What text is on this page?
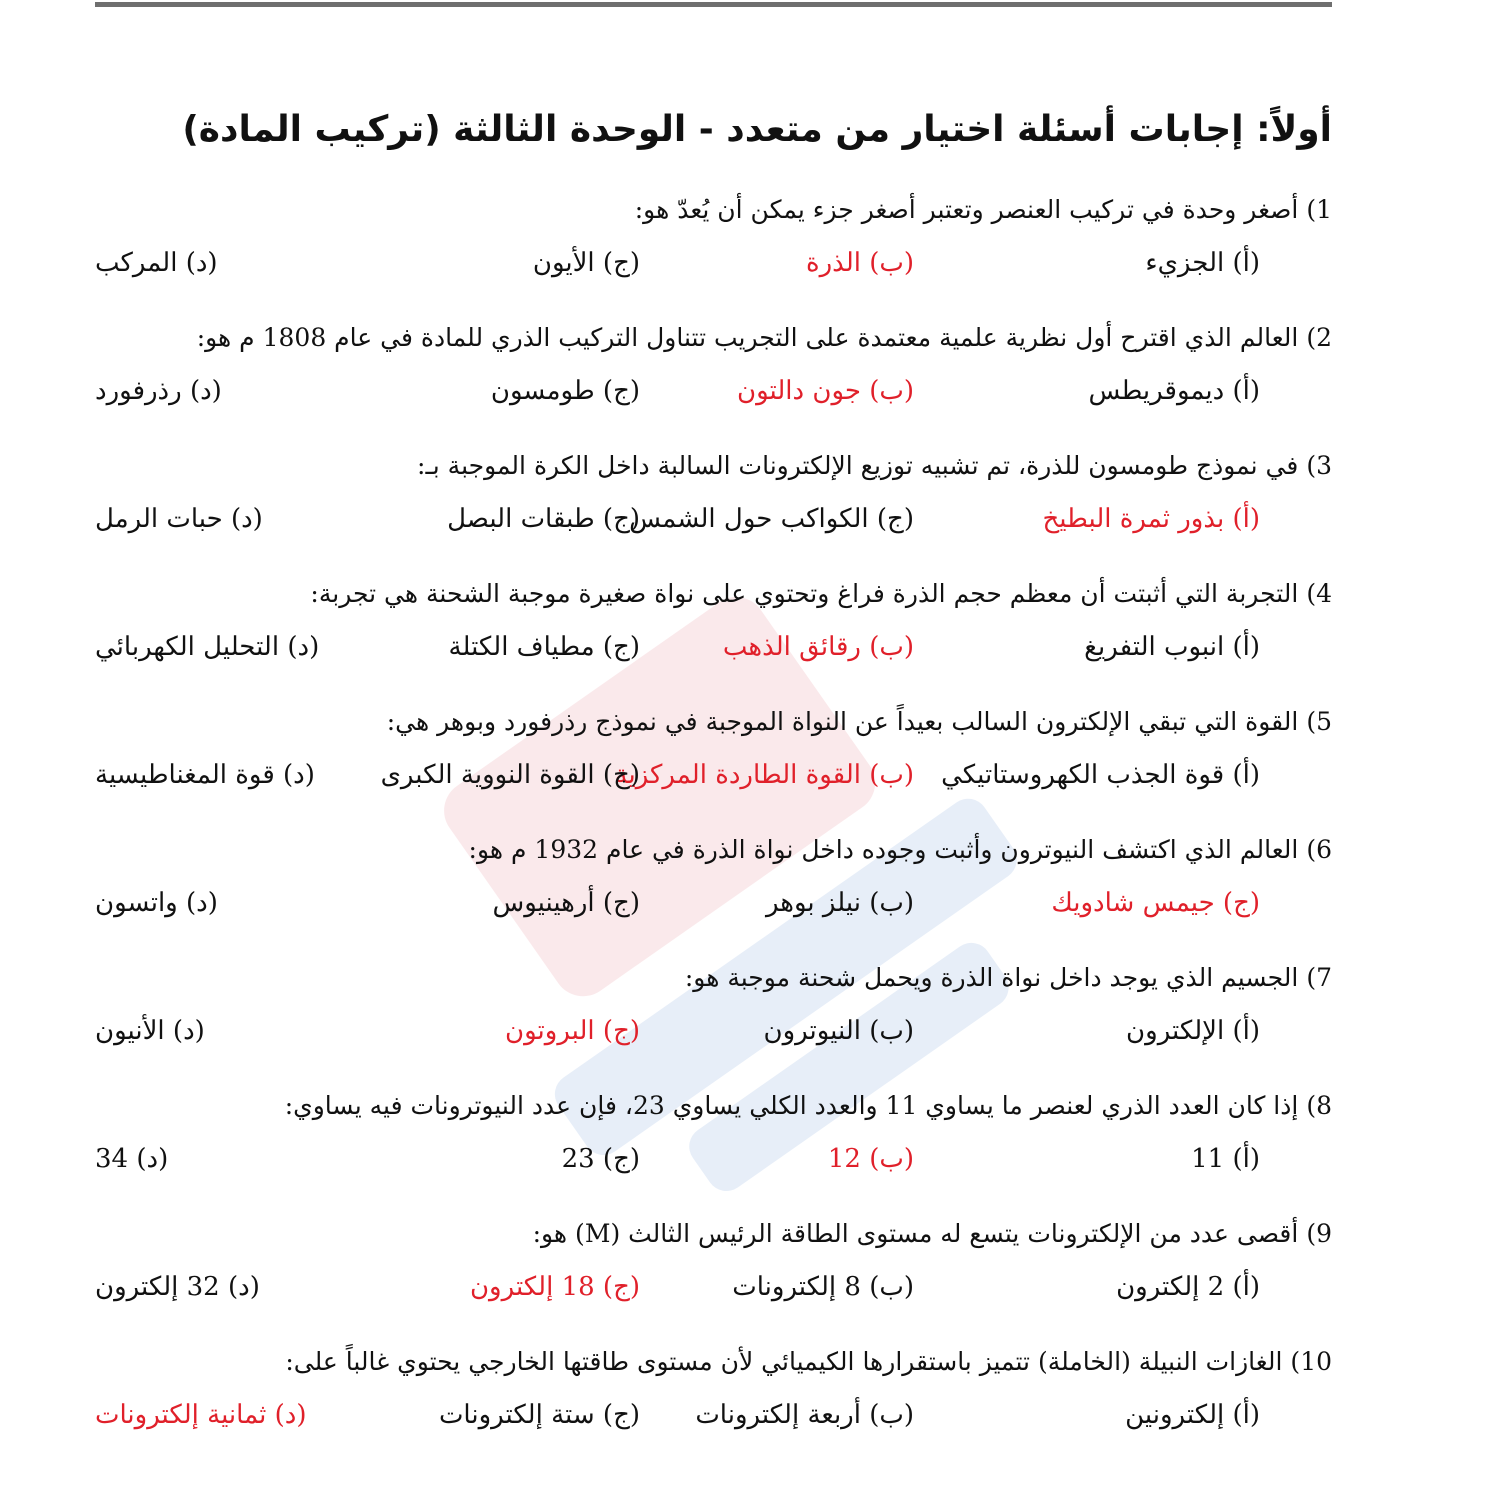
أولاً: إجابات أسئلة اختيار من متعدد - الوحدة الثالثة (تركيب المادة)
1)أصغر وحدة في تركيب العنصر وتعتبر أصغر جزء يمكن أن يُعدّ هو:
(أ) الجزيء
(ب) الذرة
(ج) الأيون
(د) المركب
2)العالم الذي اقترح أول نظرية علمية معتمدة على التجريب تتناول التركيب الذري للمادة في عام 1808 م هو:
(أ) ديموقريطس
(ب) جون دالتون
(ج) طومسون
(د) رذرفورد
3)في نموذج طومسون للذرة، تم تشبيه توزيع الإلكترونات السالبة داخل الكرة الموجبة بـ:
(أ) بذور ثمرة البطيخ
(ج) الكواكب حول الشمس
(ج) طبقات البصل
(د) حبات الرمل
4)التجربة التي أثبتت أن معظم حجم الذرة فراغ وتحتوي على نواة صغيرة موجبة الشحنة هي تجربة:
(أ) انبوب التفريغ
(ب) رقائق الذهب
(ج) مطياف الكتلة
(د) التحليل الكهربائي
5)القوة التي تبقي الإلكترون السالب بعيداً عن النواة الموجبة في نموذج رذرفورد وبوهر هي:
(أ) قوة الجذب الكهروستاتيكي
(ب) القوة الطاردة المركزية
(ج) القوة النووية الكبرى
(د) قوة المغناطيسية
6)العالم الذي اكتشف النيوترون وأثبت وجوده داخل نواة الذرة في عام 1932 م هو:
(ج) جيمس شادويك
(ب) نيلز بوهر
(ج) أرهينيوس
(د) واتسون
7)الجسيم الذي يوجد داخل نواة الذرة ويحمل شحنة موجبة هو:
(أ) الإلكترون
(ب) النيوترون
(ج) البروتون
(د) الأنيون
8)إذا كان العدد الذري لعنصر ما يساوي 11 والعدد الكلي يساوي 23، فإن عدد النيوترونات فيه يساوي:
(أ) 11
(ب) 12
(ج) 23
(د) 34
9)أقصى عدد من الإلكترونات يتسع له مستوى الطاقة الرئيس الثالث (M) هو:
(أ) 2 إلكترون
(ب) 8 إلكترونات
(ج) 18 إلكترون
(د) 32 إلكترون
10)الغازات النبيلة (الخاملة) تتميز باستقرارها الكيميائي لأن مستوى طاقتها الخارجي يحتوي غالباً على:
(أ) إلكترونين
(ب) أربعة إلكترونات
(ج) ستة إلكترونات
(د) ثمانية إلكترونات
